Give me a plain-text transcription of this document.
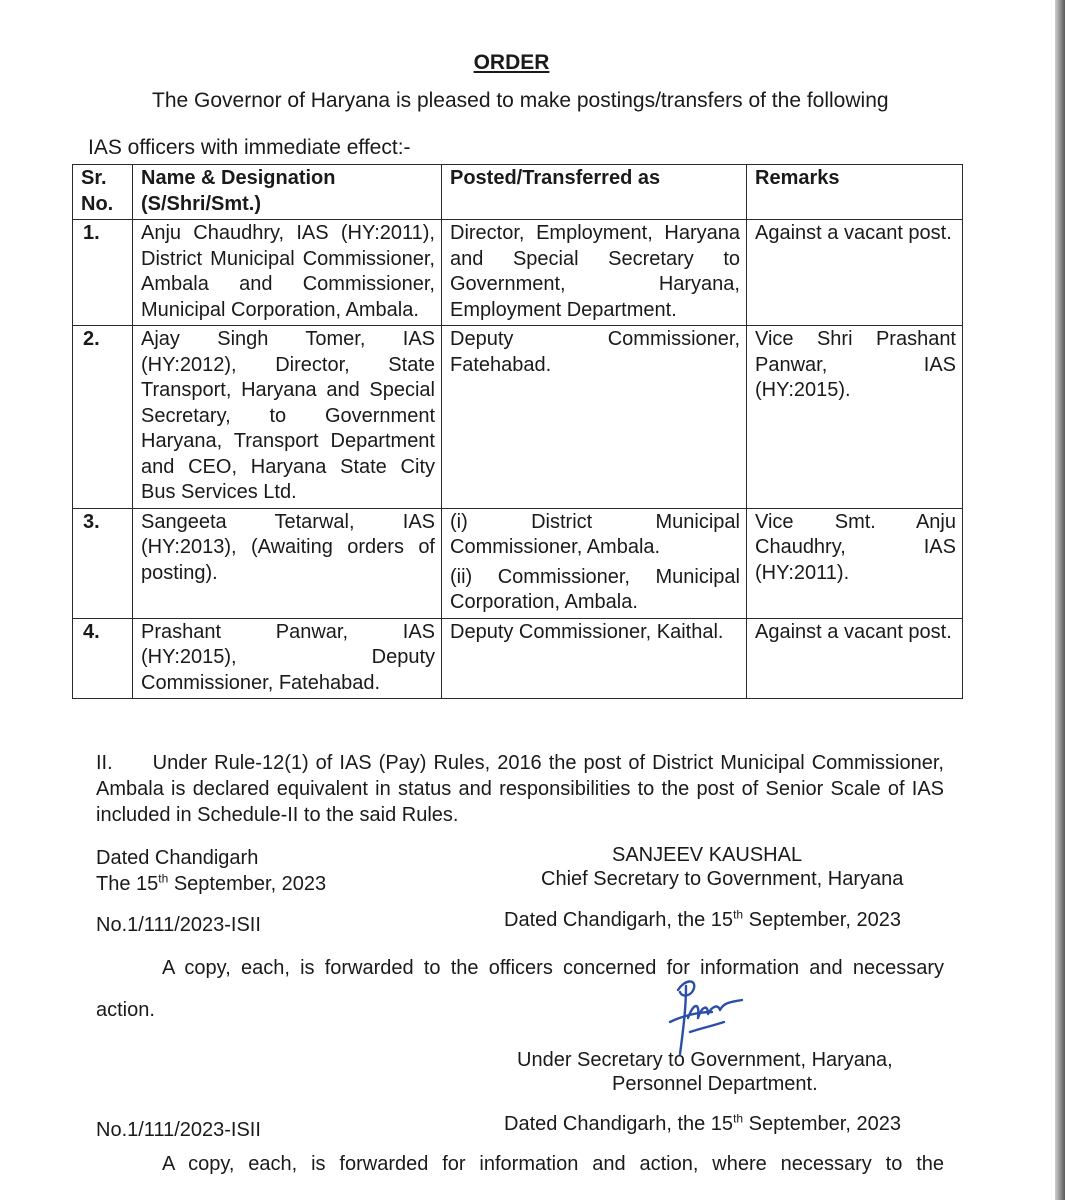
ORDER
The Governor of Haryana is pleased to make postings/transfers of the following
IAS officers with immediate effect:-
Sr. No.	Name & Designation (S/Shri/Smt.)	Posted/Transferred as	Remarks
1.	Anju Chaudhry, IAS (HY:2011), District Municipal Commissioner, Ambala and Commissioner, Municipal Corporation, Ambala.	Director, Employment, Haryana and Special Secretary to Government, Haryana, Employment Department.	Against a vacant post.
2.	Ajay Singh Tomer, IAS (HY:2012), Director, State Transport, Haryana and Special Secretary, to Government Haryana, Transport Department and CEO, Haryana State City Bus Services Ltd.	Deputy Commissioner, Fatehabad.	Vice Shri Prashant Panwar, IAS (HY:2015).
3.	Sangeeta Tetarwal, IAS (HY:2013), (Awaiting orders of posting).	(i) District Municipal Commissioner, Ambala.
(ii) Commissioner, Municipal Corporation, Ambala.	Vice Smt. Anju Chaudhry, IAS (HY:2011).
4.	Prashant Panwar, IAS (HY:2015), Deputy Commissioner, Fatehabad.	Deputy Commissioner, Kaithal.	Against a vacant post.
II. Under Rule-12(1) of IAS (Pay) Rules, 2016 the post of District Municipal Commissioner, Ambala is declared equivalent in status and responsibilities to the post of Senior Scale of IAS included in Schedule-II to the said Rules.
Dated Chandigarh
The 15th September, 2023
SANJEEV KAUSHAL
Chief Secretary to Government, Haryana
No.1/111/2023-ISII	Dated Chandigarh, the 15th September, 2023
A copy, each, is forwarded to the officers concerned for information and necessary action.
Under Secretary to Government, Haryana,
Personnel Department.
No.1/111/2023-ISII	Dated Chandigarh, the 15th September, 2023
A copy, each, is forwarded for information and action, where necessary to the
